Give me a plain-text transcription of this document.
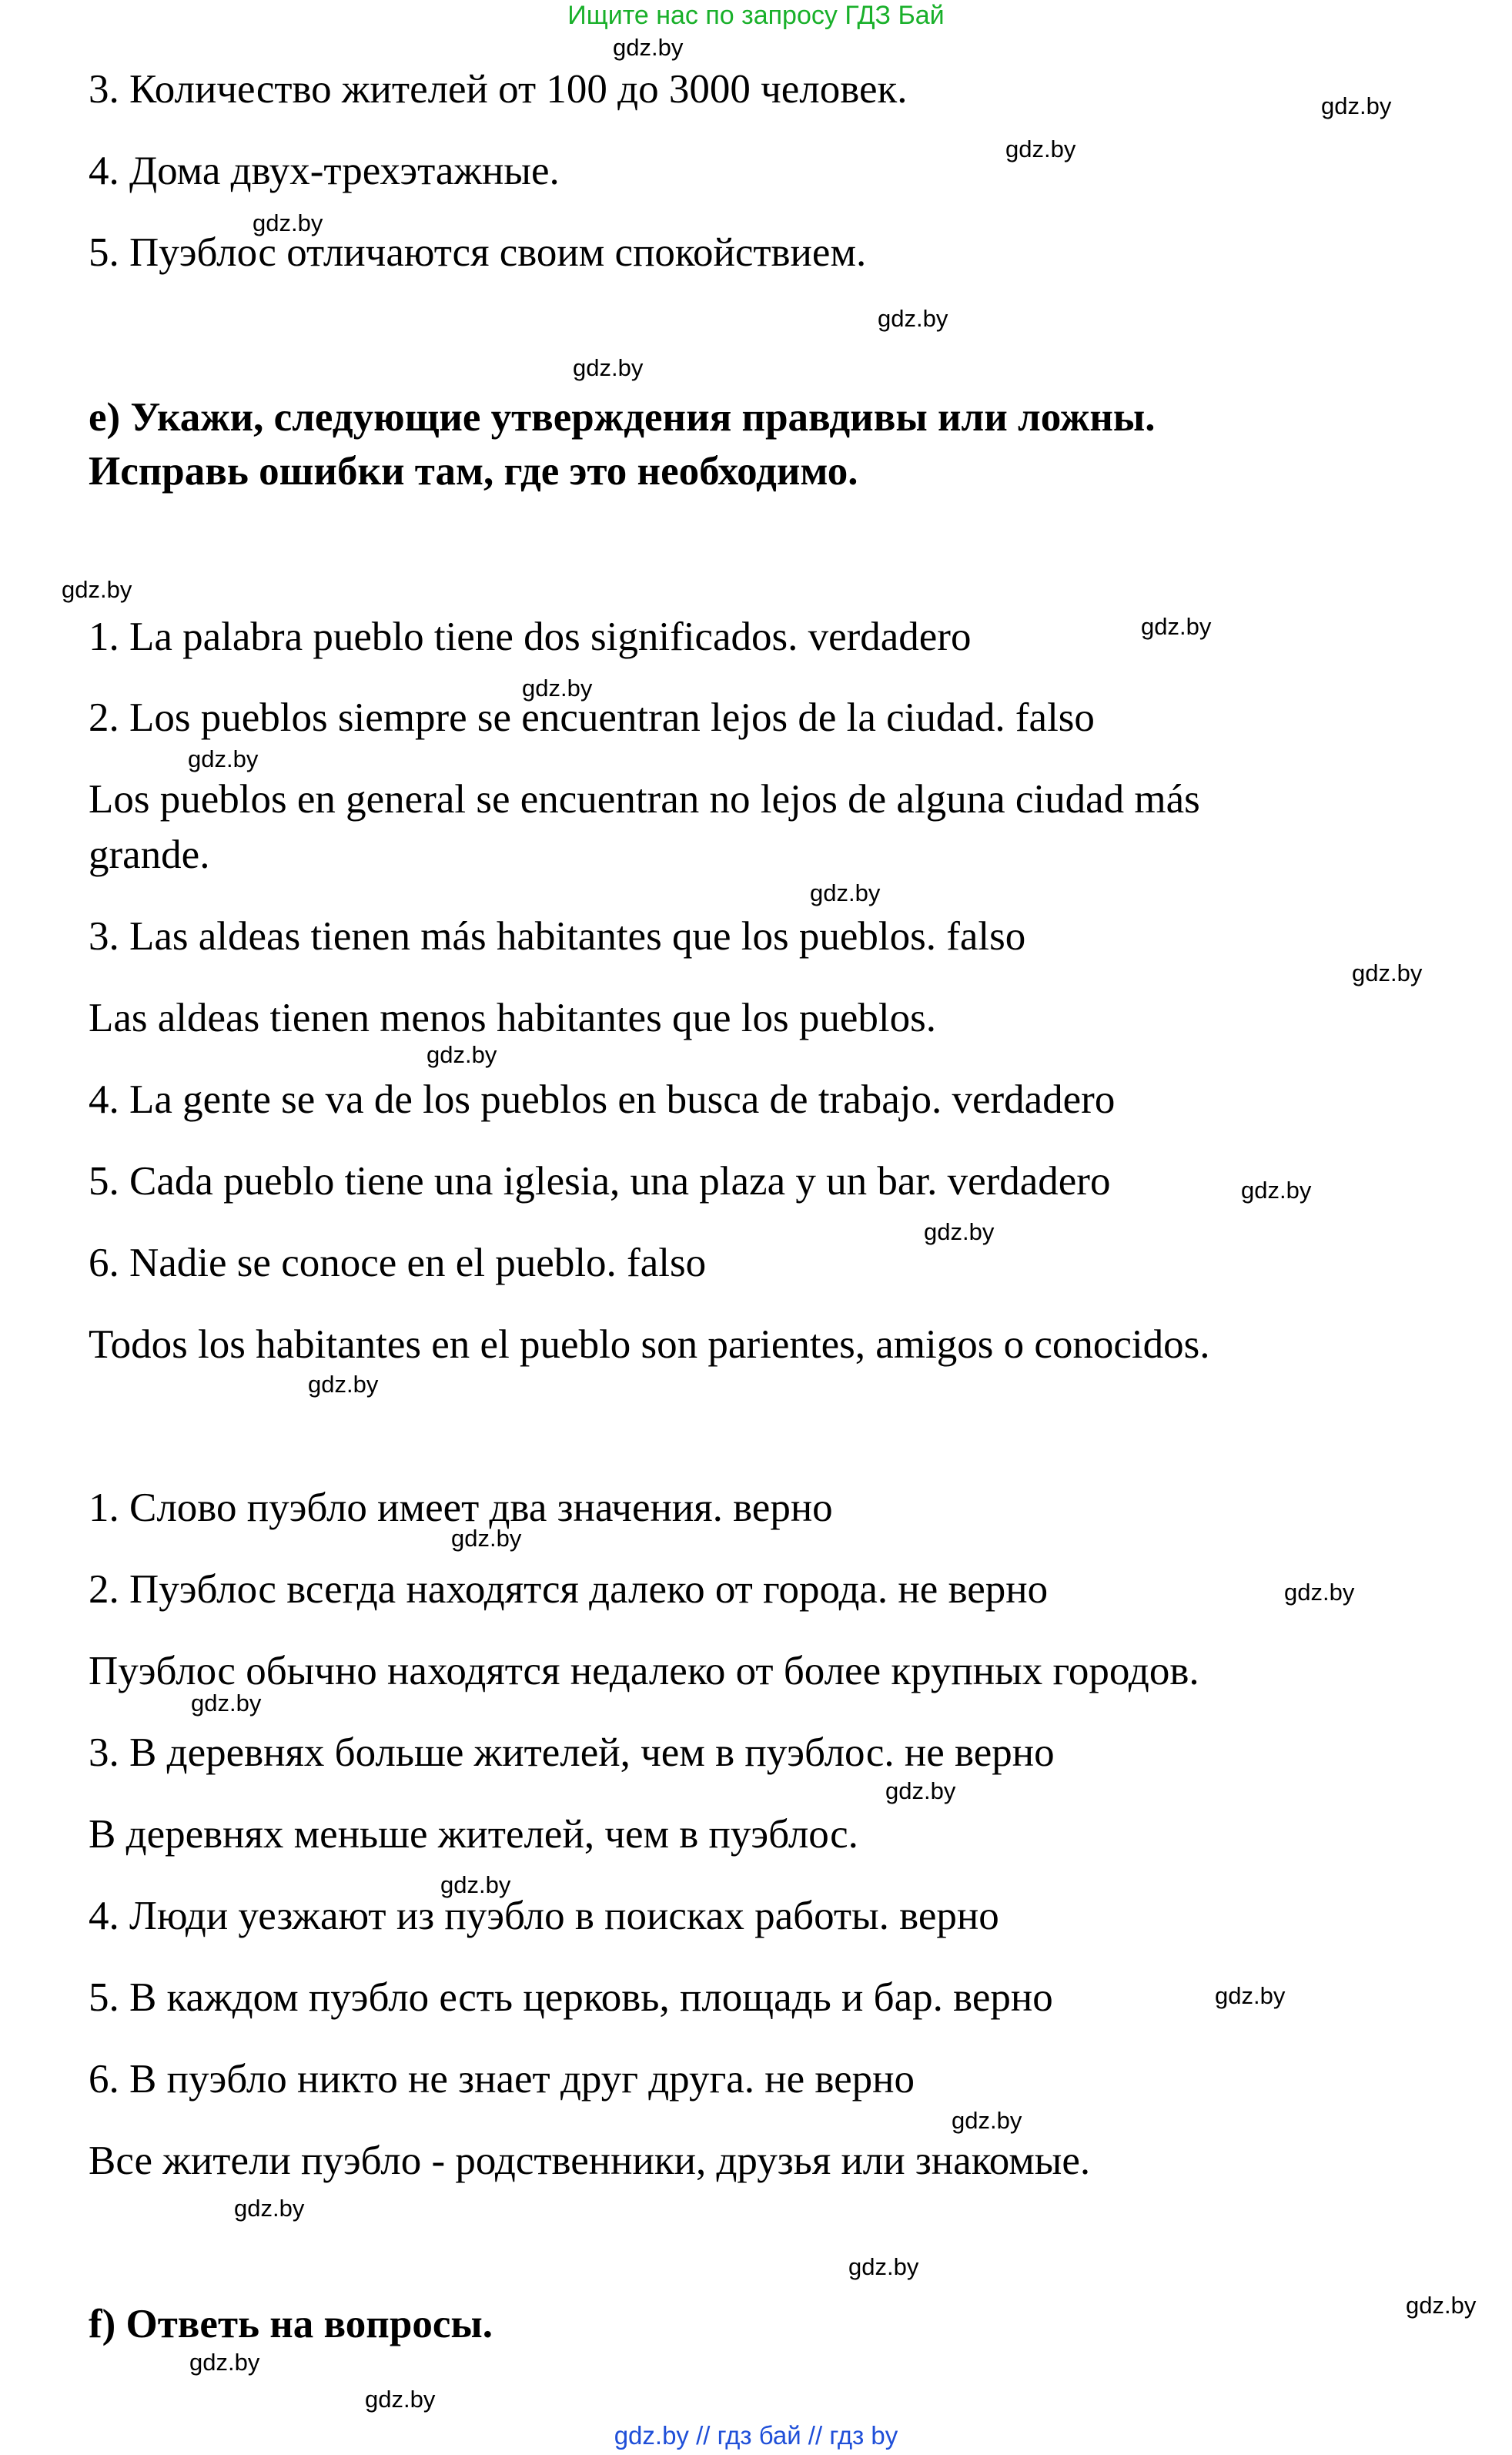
Ищите нас по запросу ГДЗ Бай
3. Количество жителей от 100 до 3000 человек.
4. Дома двух-трехэтажные.
5. Пуэблос отличаются своим спокойствием.
e) Укажи, следующие утверждения правдивы или ложны.
Исправь ошибки там, где это необходимо.
1. La palabra pueblo tiene dos significados. verdadero
2. Los pueblos siempre se encuentran lejos de la ciudad. falso
Los pueblos en general se encuentran no lejos de alguna ciudad más
grande.
3. Las aldeas tienen más habitantes que los pueblos. falso
Las aldeas tienen menos habitantes que los pueblos.
4. La gente se va de los pueblos en busca de trabajo. verdadero
5. Cada pueblo tiene una iglesia, una plaza y un bar. verdadero
6. Nadie se conoce en el pueblo. falso
Todos los habitantes en el pueblo son parientes, amigos o conocidos.
1. Слово пуэбло имеет два значения. верно
2. Пуэблос всегда находятся далеко от города. не верно
Пуэблос обычно находятся недалеко от более крупных городов.
3. В деревнях больше жителей, чем в пуэблос. не верно
В деревнях меньше жителей, чем в пуэблос.
4. Люди уезжают из пуэбло в поисках работы. верно
5. В каждом пуэбло есть церковь, площадь и бар. верно
6. В пуэбло никто не знает друг друга. не верно
Все жители пуэбло - родственники, друзья или знакомые.
f) Ответь на вопросы.
gdz.by
gdz.by
gdz.by
gdz.by
gdz.by
gdz.by
gdz.by
gdz.by
gdz.by
gdz.by
gdz.by
gdz.by
gdz.by
gdz.by
gdz.by
gdz.by
gdz.by
gdz.by
gdz.by
gdz.by
gdz.by
gdz.by
gdz.by
gdz.by
gdz.by
gdz.by
gdz.by
gdz.by
gdz.by // гдз бай // гдз by
